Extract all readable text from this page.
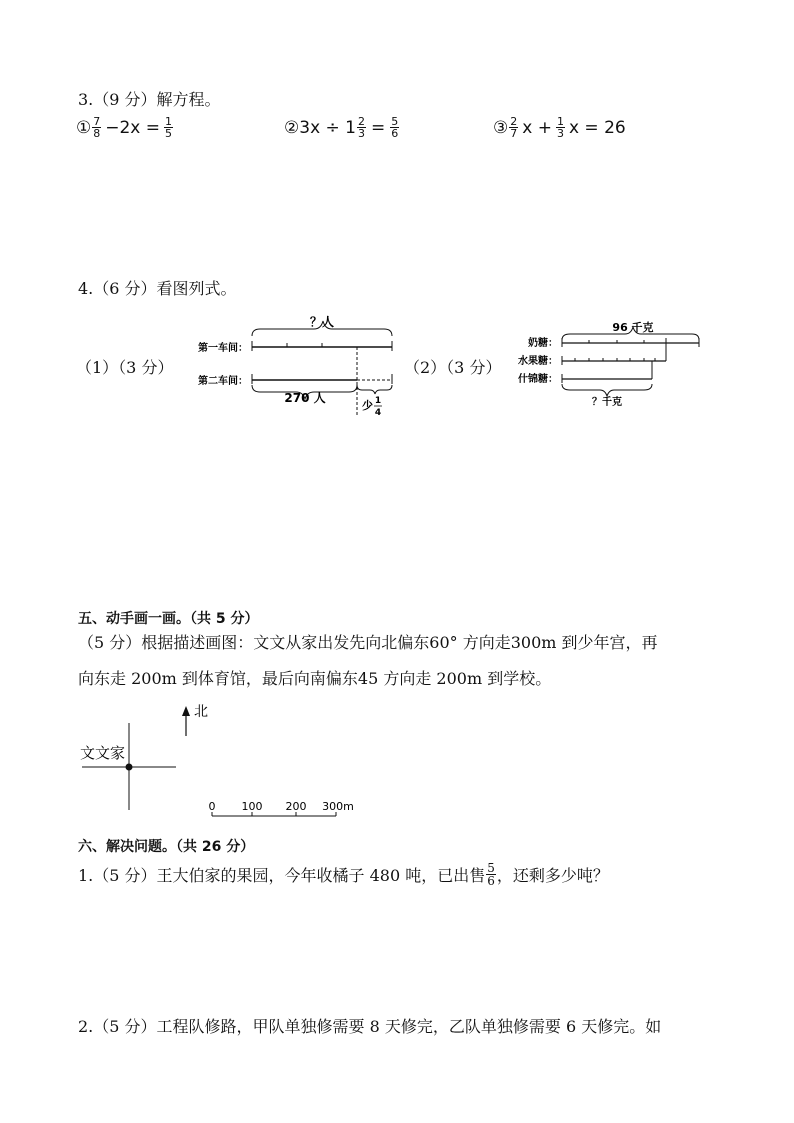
3.（9 分）解方程。
① $\frac{7}{8} -2x = \frac{1}{5}$	② $3x \div 1 \frac{2}{3} = \frac{5}{6}$	③ $\frac{2}{7}$ $x + \frac{1}{3}$ x = 26
4.（6 分）看图列式。
（1）（3 分）	（2）（3 分）
？人
第一车间：
第二车间：
270 人
少 1
4
96 千克
奶糖：
水果糖：
什锦糖：
？千克
五、动手画一画。（共 5 分）
（5 分）根据描述画图：文文从家出发先向北偏东60° 方向走300m 到少年宫，再
向东走 200m 到体育馆，最后向南偏东45 方向走 200m 到学校。
北
文文家
0 100 200 300m
六、解决问题。（共 26 分）
1.（5 分）王大伯家的果园，今年收橘子 480 吨，已出售 $\frac{5}{6}$ ，还剩多少吨？
2.（5 分）工程队修路，甲队单独修需要 8 天修完，乙队单独修需要 6 天修完。如
